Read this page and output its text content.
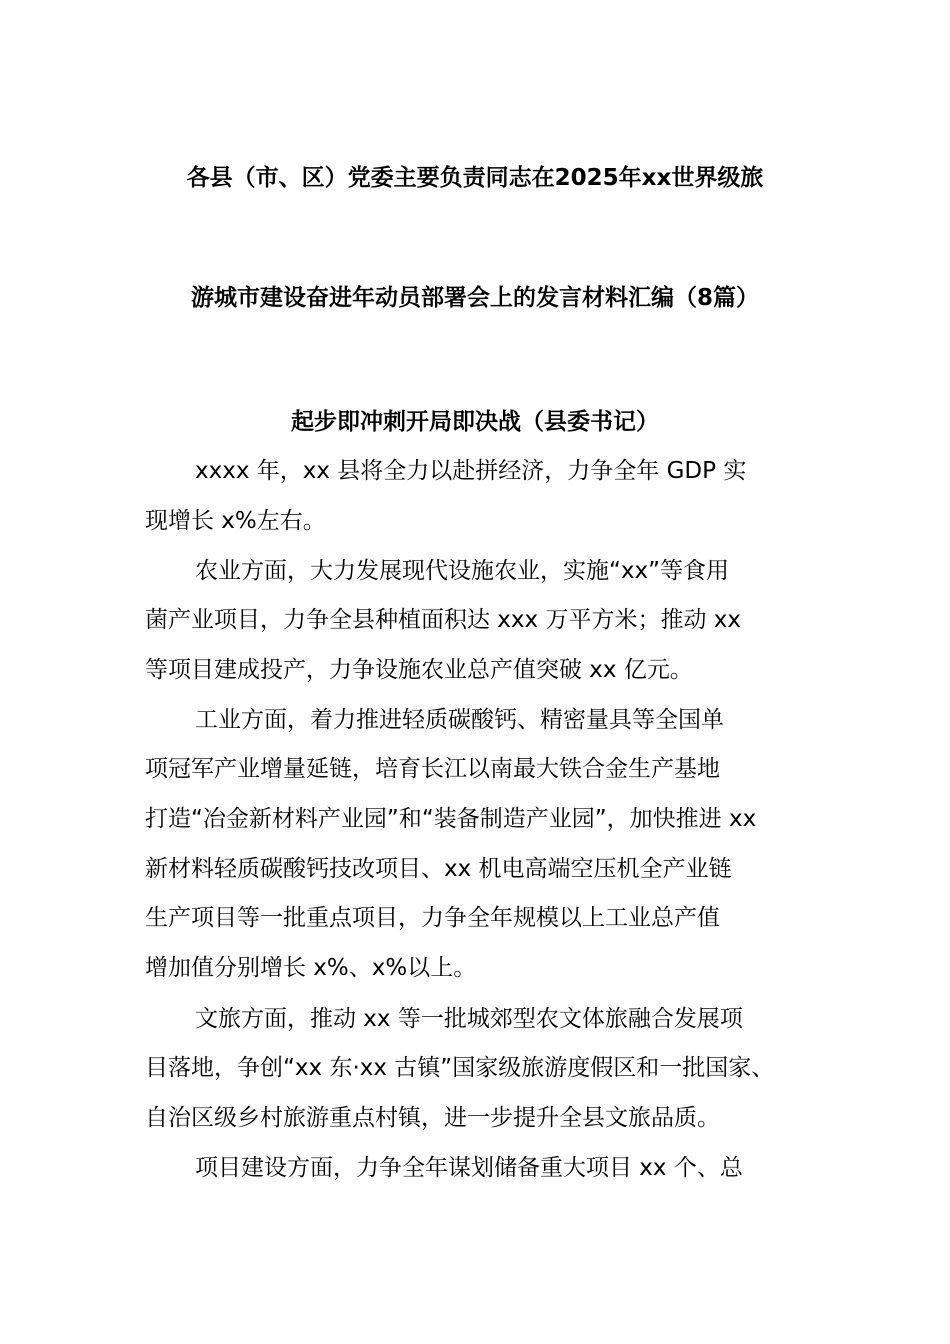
各县（市、区）党委主要负责同志在2025年xx世界级旅
游城市建设奋进年动员部署会上的发言材料汇编（8篇）
起步即冲刺开局即决战（县委书记）
xxxx 年，xx 县将全力以赴拼经济，力争全年 GDP 实
现增长 x%左右。
农业方面，大力发展现代设施农业，实施“xx”等食用
菌产业项目，力争全县种植面积达 xxx 万平方米；推动 xx
等项目建成投产，力争设施农业总产值突破 xx 亿元。
工业方面，着力推进轻质碳酸钙、精密量具等全国单
项冠军产业增量延链，培育长江以南最大铁合金生产基地
打造“冶金新材料产业园”和“装备制造产业园”，加快推进 xx
新材料轻质碳酸钙技改项目、xx 机电高端空压机全产业链
生产项目等一批重点项目，力争全年规模以上工业总产值
增加值分别增长 x%、x%以上。
文旅方面，推动 xx 等一批城郊型农文体旅融合发展项
目落地，争创“xx 东·xx 古镇”国家级旅游度假区和一批国家、
自治区级乡村旅游重点村镇，进一步提升全县文旅品质。
项目建设方面，力争全年谋划储备重大项目 xx 个、总
